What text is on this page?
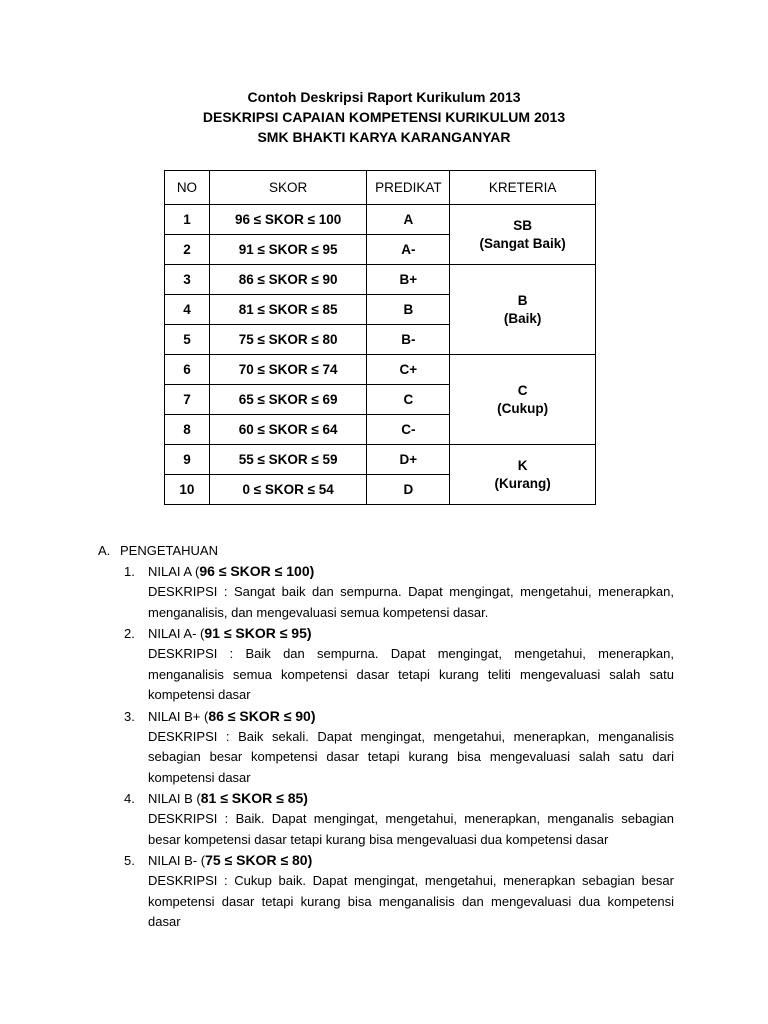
Contoh Deskripsi Raport Kurikulum 2013
DESKRIPSI CAPAIAN KOMPETENSI KURIKULUM 2013
SMK BHAKTI KARYA KARANGANYAR
NO	SKOR	PREDIKAT	KRETERIA
1	96 ≤ SKOR ≤ 100	A	SB
(Sangat Baik)

2	91 ≤ SKOR ≤ 95	A-	
3	86 ≤ SKOR ≤ 90	B+	B
(Baik)

4	81 ≤ SKOR ≤ 85	B	
5	75 ≤ SKOR ≤ 80	B-	
6	70 ≤ SKOR ≤ 74	C+	C
(Cukup)

7	65 ≤ SKOR ≤ 69	C	
8	60 ≤ SKOR ≤ 64	C-	
9	55 ≤ SKOR ≤ 59	D+	K
(Kurang)

10	0 ≤ SKOR ≤ 54	D	
A. PENGETAHUAN
1. NILAI A (96 ≤ SKOR ≤ 100)
DESKRIPSI : Sangat baik dan sempurna. Dapat mengingat, mengetahui, menerapkan, menganalisis, dan mengevaluasi semua kompetensi dasar.
2. NILAI A- (91 ≤ SKOR ≤ 95)
DESKRIPSI : Baik dan sempurna. Dapat mengingat, mengetahui, menerapkan, menganalisis semua kompetensi dasar tetapi kurang teliti mengevaluasi salah satu kompetensi dasar
3. NILAI B+ (86 ≤ SKOR ≤ 90)
DESKRIPSI : Baik sekali. Dapat mengingat, mengetahui, menerapkan, menganalisis sebagian besar kompetensi dasar tetapi kurang bisa mengevaluasi salah satu dari kompetensi dasar
4. NILAI B (81 ≤ SKOR ≤ 85)
DESKRIPSI : Baik. Dapat mengingat, mengetahui, menerapkan, menganalis sebagian besar kompetensi dasar tetapi kurang bisa mengevaluasi dua kompetensi dasar
5. NILAI B- (75 ≤ SKOR ≤ 80)
DESKRIPSI : Cukup baik. Dapat mengingat, mengetahui, menerapkan sebagian besar kompetensi dasar tetapi kurang bisa menganalisis dan mengevaluasi dua kompetensi dasar
